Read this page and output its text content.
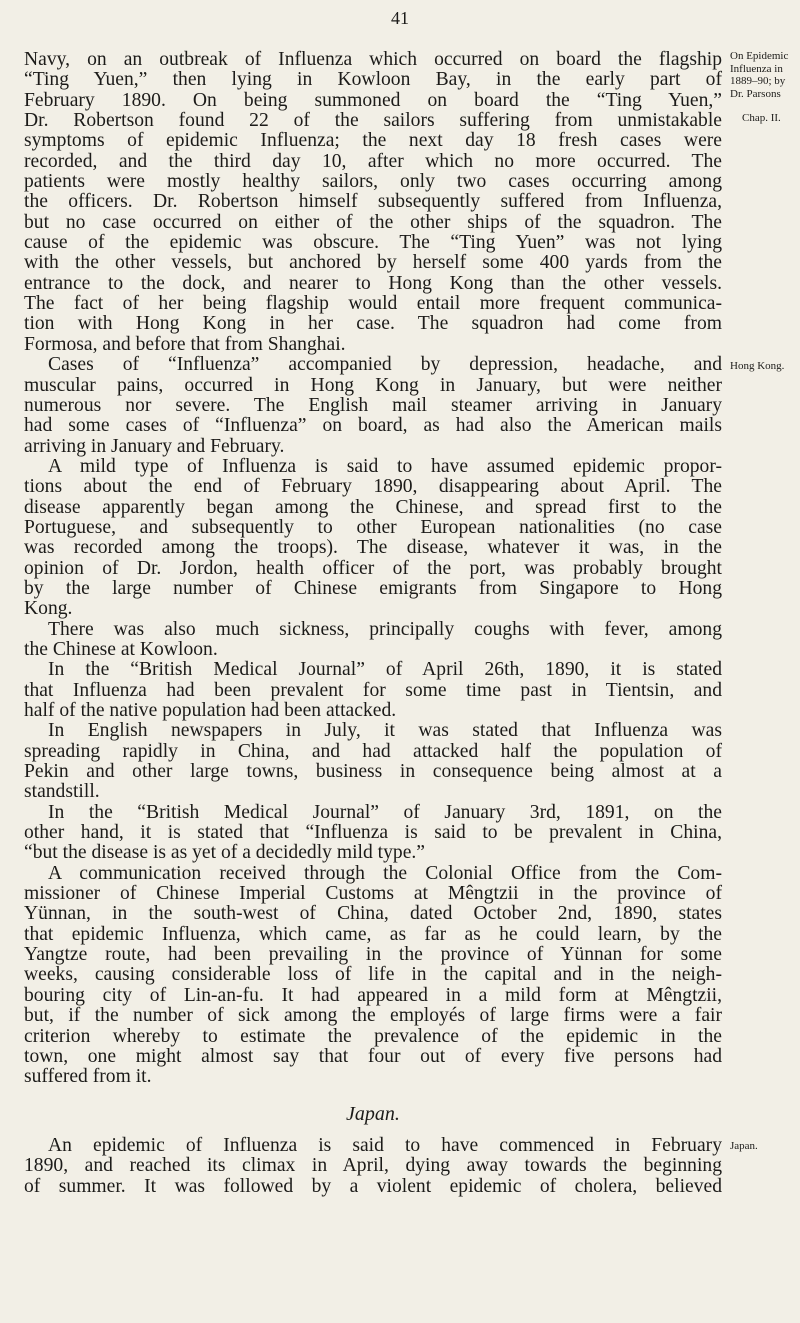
41
Navy, on an outbreak of Influenza which occurred on board the flagship
“Ting Yuen,” then lying in Kowloon Bay, in the early part of
February 1890. On being summoned on board the “Ting Yuen,”
Dr. Robertson found 22 of the sailors suffering from unmistakable
symptoms of epidemic Influenza; the next day 18 fresh cases were
recorded, and the third day 10, after which no more occurred. The
patients were mostly healthy sailors, only two cases occurring among
the officers. Dr. Robertson himself subsequently suffered from Influenza,
but no case occurred on either of the other ships of the squadron. The
cause of the epidemic was obscure. The “Ting Yuen” was not lying
with the other vessels, but anchored by herself some 400 yards from the
entrance to the dock, and nearer to Hong Kong than the other vessels.
The fact of her being flagship would entail more frequent communica-
tion with Hong Kong in her case. The squadron had come from
Formosa, and before that from Shanghai.
Cases of “Influenza” accompanied by depression, headache, and
muscular pains, occurred in Hong Kong in January, but were neither
numerous nor severe. The English mail steamer arriving in January
had some cases of “Influenza” on board, as had also the American mails
arriving in January and February.
A mild type of Influenza is said to have assumed epidemic propor-
tions about the end of February 1890, disappearing about April. The
disease apparently began among the Chinese, and spread first to the
Portuguese, and subsequently to other European nationalities (no case
was recorded among the troops). The disease, whatever it was, in the
opinion of Dr. Jordon, health officer of the port, was probably brought
by the large number of Chinese emigrants from Singapore to Hong
Kong.
There was also much sickness, principally coughs with fever, among
the Chinese at Kowloon.
In the “British Medical Journal” of April 26th, 1890, it is stated
that Influenza had been prevalent for some time past in Tientsin, and
half of the native population had been attacked.
In English newspapers in July, it was stated that Influenza was
spreading rapidly in China, and had attacked half the population of
Pekin and other large towns, business in consequence being almost at a
standstill.
In the “British Medical Journal” of January 3rd, 1891, on the
other hand, it is stated that “Influenza is said to be prevalent in China,
“but the disease is as yet of a decidedly mild type.”
A communication received through the Colonial Office from the Com-
missioner of Chinese Imperial Customs at Mêngtzii in the province of
Yünnan, in the south-west of China, dated October 2nd, 1890, states
that epidemic Influenza, which came, as far as he could learn, by the
Yangtze route, had been prevailing in the province of Yünnan for some
weeks, causing considerable loss of life in the capital and in the neigh-
bouring city of Lin-an-fu. It had appeared in a mild form at Mêngtzii,
but, if the number of sick among the employés of large firms were a fair
criterion whereby to estimate the prevalence of the epidemic in the
town, one might almost say that four out of every five persons had
suffered from it.
Japan.
An epidemic of Influenza is said to have commenced in February
1890, and reached its climax in April, dying away towards the beginning
of summer. It was followed by a violent epidemic of cholera, believed
On Epidemic
Influenza in
1889–90; by
Dr. Parsons
Chap. II.
Hong Kong.
Japan.
